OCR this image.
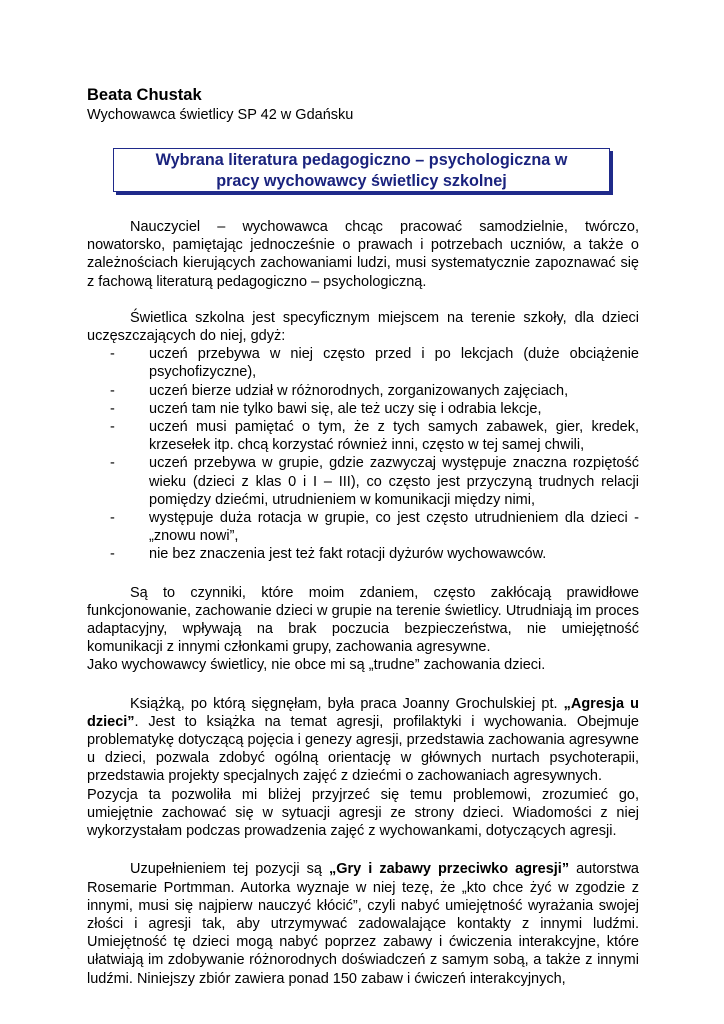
Beata Chustak
Wychowawca świetlicy SP 42 w Gdańsku
Wybrana literatura pedagogiczno – psychologiczna w
pracy wychowawcy świetlicy szkolnej

Nauczyciel – wychowawca chcąc pracować samodzielnie, twórczo, nowatorsko, pamiętając jednocześnie o prawach i potrzebach uczniów, a także o zależnościach kierujących zachowaniami ludzi, musi systematycznie zapoznawać się z fachową literaturą pedagogiczno – psychologiczną.

Świetlica szkolna jest specyficznym miejscem na terenie szkoły, dla dzieci uczęszczających do niej, gdyż:

- uczeń przebywa w niej często przed i po lekcjach (duże obciążenie psychofizyczne),
- uczeń bierze udział w różnorodnych, zorganizowanych zajęciach,
- uczeń tam nie tylko bawi się, ale też uczy się i odrabia lekcje,
- uczeń musi pamiętać o tym, że z tych samych zabawek, gier, kredek, krzesełek itp. chcą korzystać również inni, często w tej samej chwili,
- uczeń przebywa w grupie, gdzie zazwyczaj występuje znaczna rozpiętość wieku (dzieci z klas 0 i I – III), co często jest przyczyną trudnych relacji pomiędzy dziećmi, utrudnieniem w komunikacji między nimi,
- występuje duża rotacja w grupie, co jest często utrudnieniem dla dzieci - „znowu nowi”,
- nie bez znaczenia jest też fakt rotacji dyżurów wychowawców.

Są to czynniki, które moim zdaniem, często zakłócają prawidłowe funkcjonowanie, zachowanie dzieci w grupie na terenie świetlicy. Utrudniają im proces adaptacyjny, wpływają na brak poczucia bezpieczeństwa, nie umiejętność komunikacji z innymi członkami grupy, zachowania agresywne.

Jako wychowawcy świetlicy, nie obce mi są „trudne” zachowania dzieci.

Książką, po którą sięgnęłam, była praca Joanny Grochulskiej pt. „Agresja u dzieci”. Jest to książka na temat agresji, profilaktyki i wychowania. Obejmuje problematykę dotyczącą pojęcia i genezy agresji, przedstawia zachowania agresywne u dzieci, pozwala zdobyć ogólną orientację w głównych nurtach psychoterapii, przedstawia projekty specjalnych zajęć z dziećmi o zachowaniach agresywnych.

Pozycja ta pozwoliła mi bliżej przyjrzeć się temu problemowi, zrozumieć go, umiejętnie zachować się w sytuacji agresji ze strony dzieci. Wiadomości z niej wykorzystałam podczas prowadzenia zajęć z wychowankami, dotyczących agresji.

Uzupełnieniem tej pozycji są „Gry i zabawy przeciwko agresji” autorstwa Rosemarie Portmman. Autorka wyznaje w niej tezę, że „kto chce żyć w zgodzie z innymi, musi się najpierw nauczyć kłócić”, czyli nabyć umiejętność wyrażania swojej złości i agresji tak, aby utrzymywać zadowalające kontakty z innymi ludźmi. Umiejętność tę dzieci mogą nabyć poprzez zabawy i ćwiczenia interakcyjne, które ułatwiają im zdobywanie różnorodnych doświadczeń z samym sobą, a także z innymi ludźmi. Niniejszy zbiór zawiera ponad 150 zabaw i ćwiczeń interakcyjnych,
